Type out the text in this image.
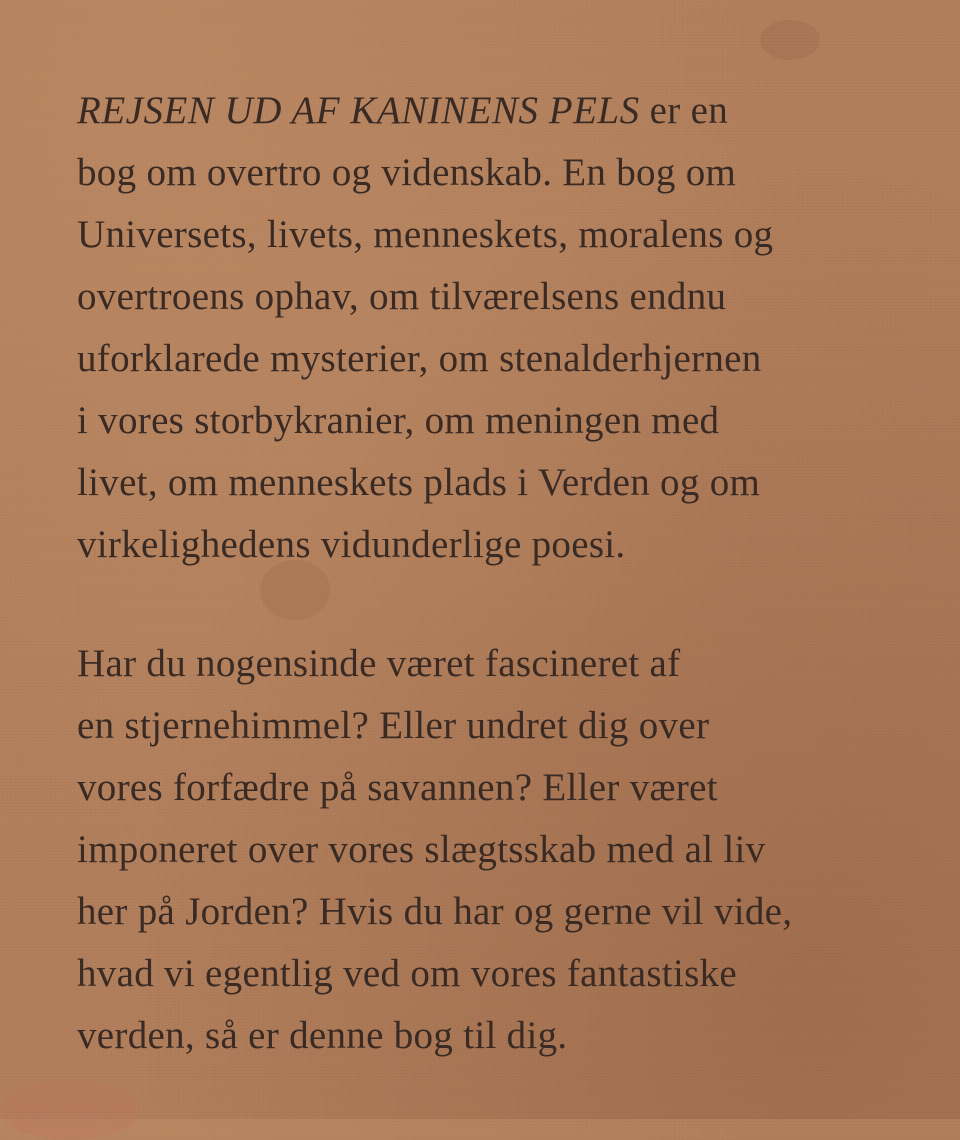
REJSEN UD AF KANINENS PELS er en
bog om overtro og videnskab. En bog om
Universets, livets, menneskets, moralens og
overtroens ophav, om tilværelsens endnu
uforklarede mysterier, om stenalderhjernen
i vores storbykranier, om meningen med
livet, om menneskets plads i Verden og om
virkelighedens vidunderlige poesi.

Har du nogensinde været fascineret af
en stjernehimmel? Eller undret dig over
vores forfædre på savannen? Eller været
imponeret over vores slægtsskab med al liv
her på Jorden? Hvis du har og gerne vil vide,
hvad vi egentlig ved om vores fantastiske
verden, så er denne bog til dig.
